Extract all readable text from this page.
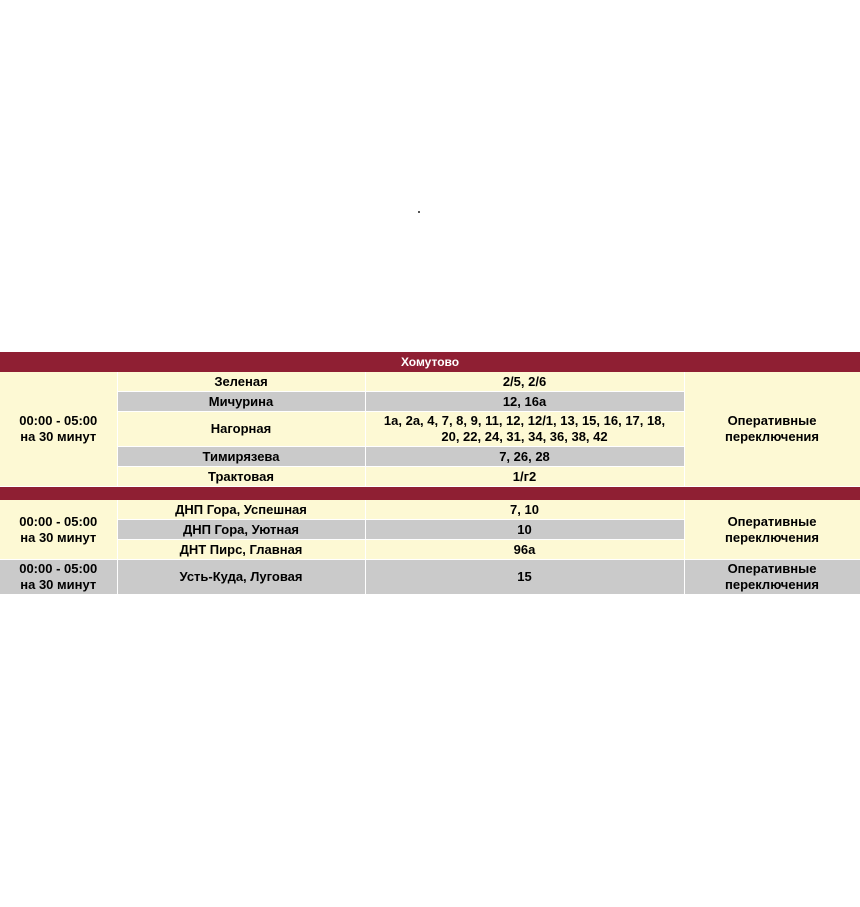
Хомутово			
00:00 - 05:00
на 30 минут	Зеленая	2/5, 2/6	Оперативные
переключения
	Мичурина	12, 16а	
	Нагорная	1а, 2а, 4, 7, 8, 9, 11, 12, 12/1, 13, 15, 16, 17, 18,
20, 22, 24, 31, 34, 36, 38, 42	
	Тимирязева	7, 26, 28	
	Трактовая	1/г2	

00:00 - 05:00
на 30 минут	ДНП Гора, Успешная	7, 10	Оперативные
переключения
	ДНП Гора, Уютная	10	
	ДНТ Пирс, Главная	96а	
00:00 - 05:00
на 30 минут	Усть-Куда, Луговая	15	Оперативные
переключения
